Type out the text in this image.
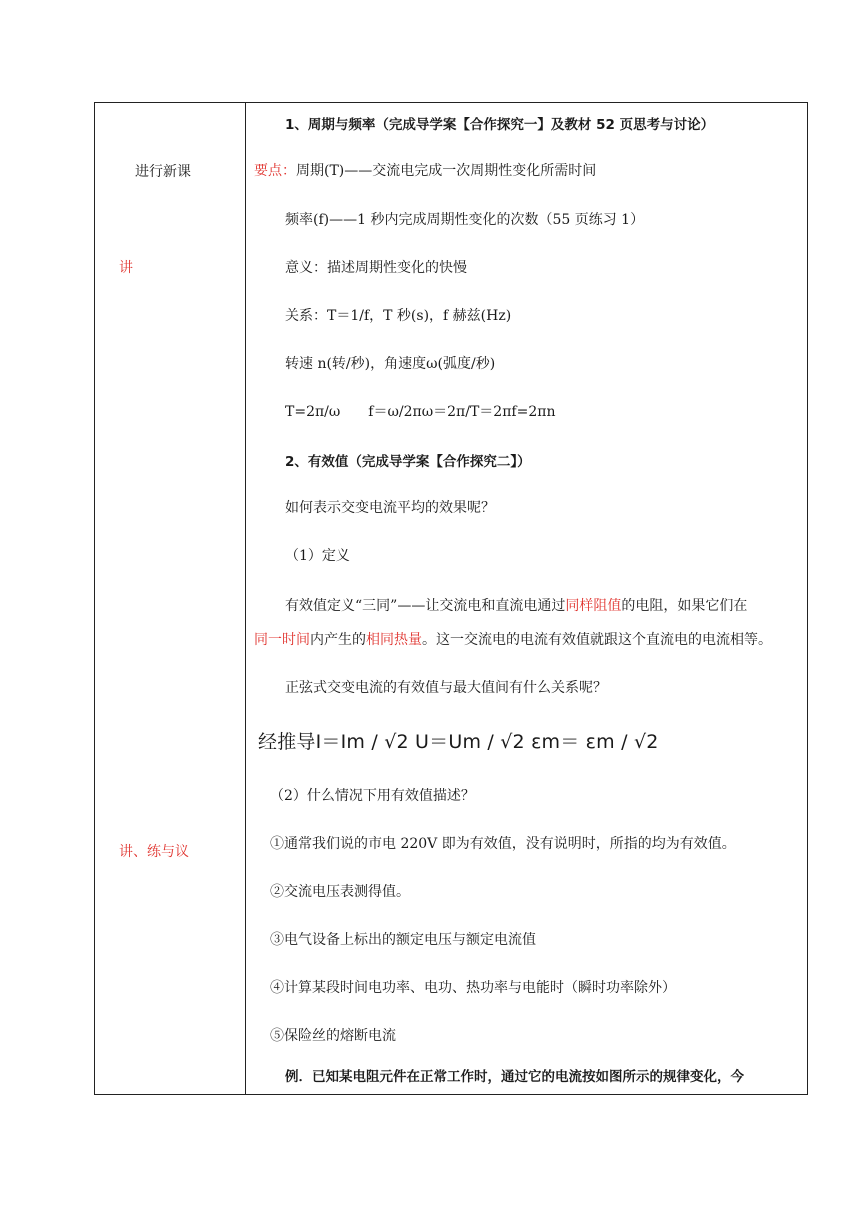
进行新课
讲
讲、练与议
1、周期与频率（完成导学案【合作探究一】及教材 52 页思考与讨论）
要点：周期(T)——交流电完成一次周期性变化所需时间
频率(f)——1 秒内完成周期性变化的次数（55 页练习 1）
意义：描述周期性变化的快慢
关系：T＝1/f，T 秒(s)，f 赫兹(Hz)
转速 n(转/秒)，角速度ω(弧度/秒)
T=2π/ω　　f＝ω/2πω＝2π/T＝2πf=2πn
2、有效值（完成导学案【合作探究二】）
如何表示交变电流平均的效果呢？
（1）定义
有效值定义“三同”——让交流电和直流电通过同样阻值的电阻，如果它们在
同一时间内产生的相同热量。这一交流电的电流有效值就跟这个直流电的电流相等。
正弦式交变电流的有效值与最大值间有什么关系呢？
经推导I＝Im / √2 U＝Um / √2 εm＝ εm / √2
（2）什么情况下用有效值描述？
①通常我们说的市电 220V 即为有效值，没有说明时，所指的均为有效值。
②交流电压表测得值。
③电气设备上标出的额定电压与额定电流值
④计算某段时间电功率、电功、热功率与电能时（瞬时功率除外）
⑤保险丝的熔断电流
例．已知某电阻元件在正常工作时，通过它的电流按如图所示的规律变化，今
